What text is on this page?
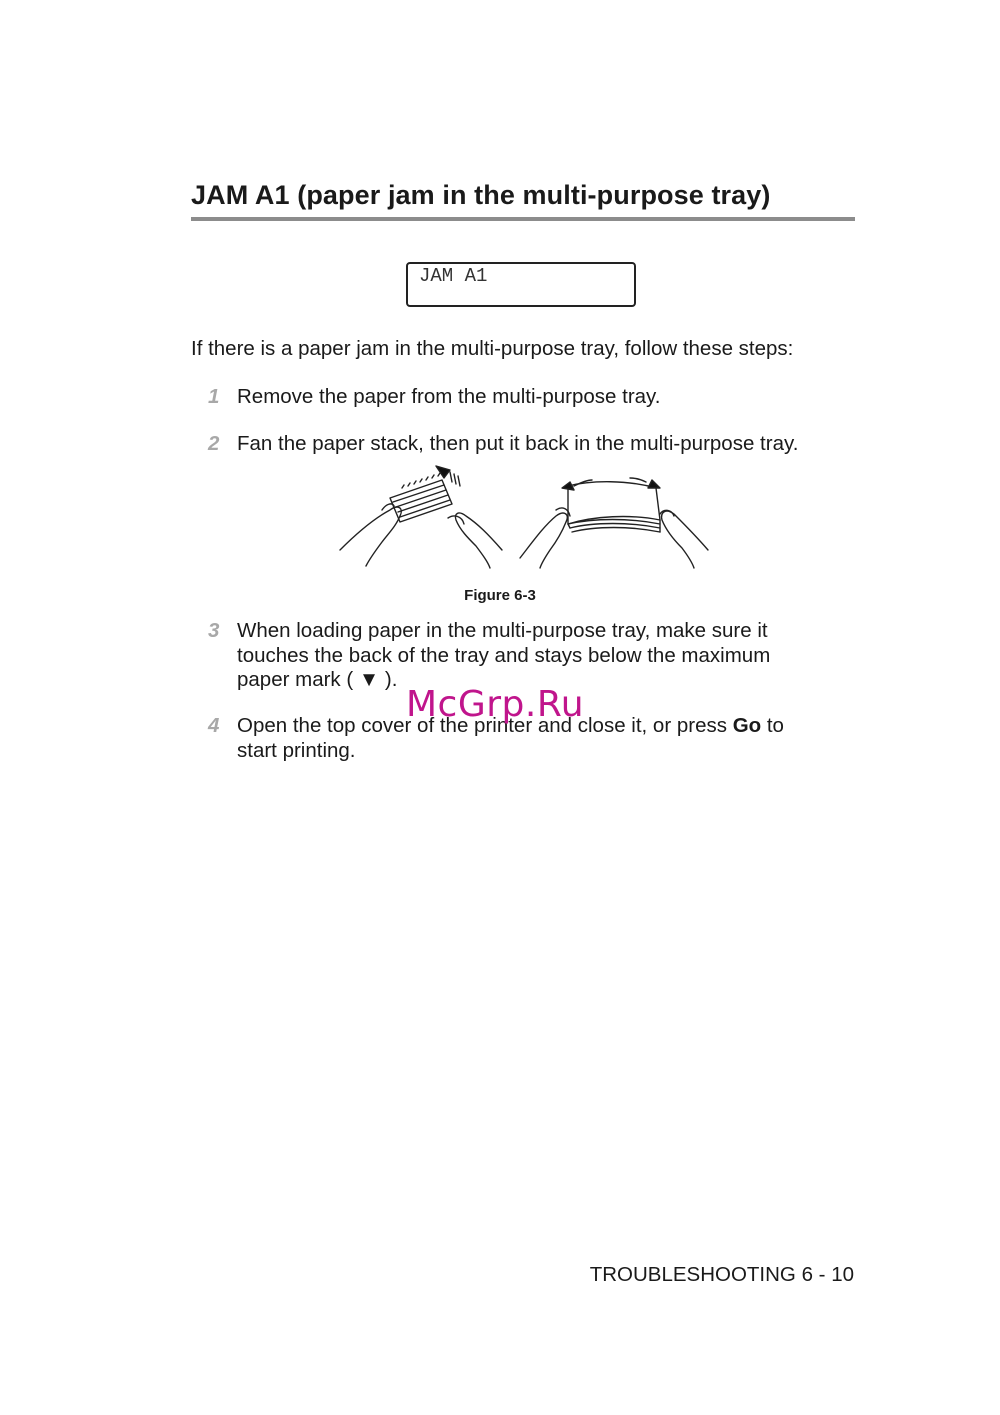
JAM A1 (paper jam in the multi-purpose tray)
JAM A1

If there is a paper jam in the multi-purpose tray, follow these steps:

1 Remove the paper from the multi-purpose tray.
2 Fan the paper stack, then put it back in the multi-purpose tray.
Figure 6-3
3 When loading paper in the multi-purpose tray, make sure it
touches the back of the tray and stays below the maximum
paper mark ( ▼ ).
4 Open the top cover of the printer and close it, or press Go to
start printing.
McGrp.Ru

TROUBLESHOOTING 6 - 10
